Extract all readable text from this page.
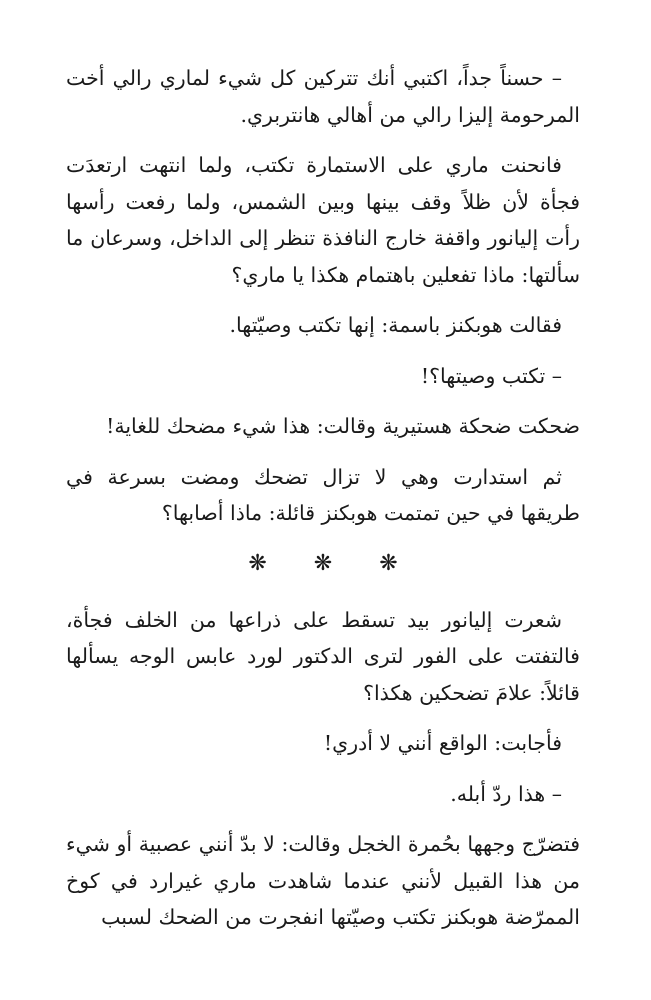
– حسناً جداً، اكتبي أنك تتركين كل شيء لماري رالي أخت المرحومة إليزا رالي من أهالي هانتربري.

فانحنت ماري على الاستمارة تكتب، ولما انتهت ارتعدَت فجأة لأن ظلاً وقف بينها وبين الشمس، ولما رفعت رأسها رأت إليانور واقفة خارج النافذة تنظر إلى الداخل، وسرعان ما سألتها: ماذا تفعلين باهتمام هكذا يا ماري؟

فقالت هوبكنز باسمة: إنها تكتب وصيّتها.

– تكتب وصيتها؟!

ضحكت ضحكة هستيرية وقالت: هذا شيء مضحك للغاية!

ثم استدارت وهي لا تزال تضحك ومضت بسرعة في طريقها في حين تمتمت هوبكنز قائلة: ماذا أصابها؟

❋ ❋ ❋

شعرت إليانور بيد تسقط على ذراعها من الخلف فجأة، فالتفتت على الفور لترى الدكتور لورد عابس الوجه يسألها قائلاً: علامَ تضحكين هكذا؟

فأجابت: الواقع أنني لا أدري!

– هذا ردّ أبله.

فتضرّج وجهها بحُمرة الخجل وقالت: لا بدّ أنني عصبية أو شيء من هذا القبيل لأنني عندما شاهدت ماري غيرارد في كوخ الممرّضة هوبكنز تكتب وصيّتها انفجرت من الضحك لسبب
